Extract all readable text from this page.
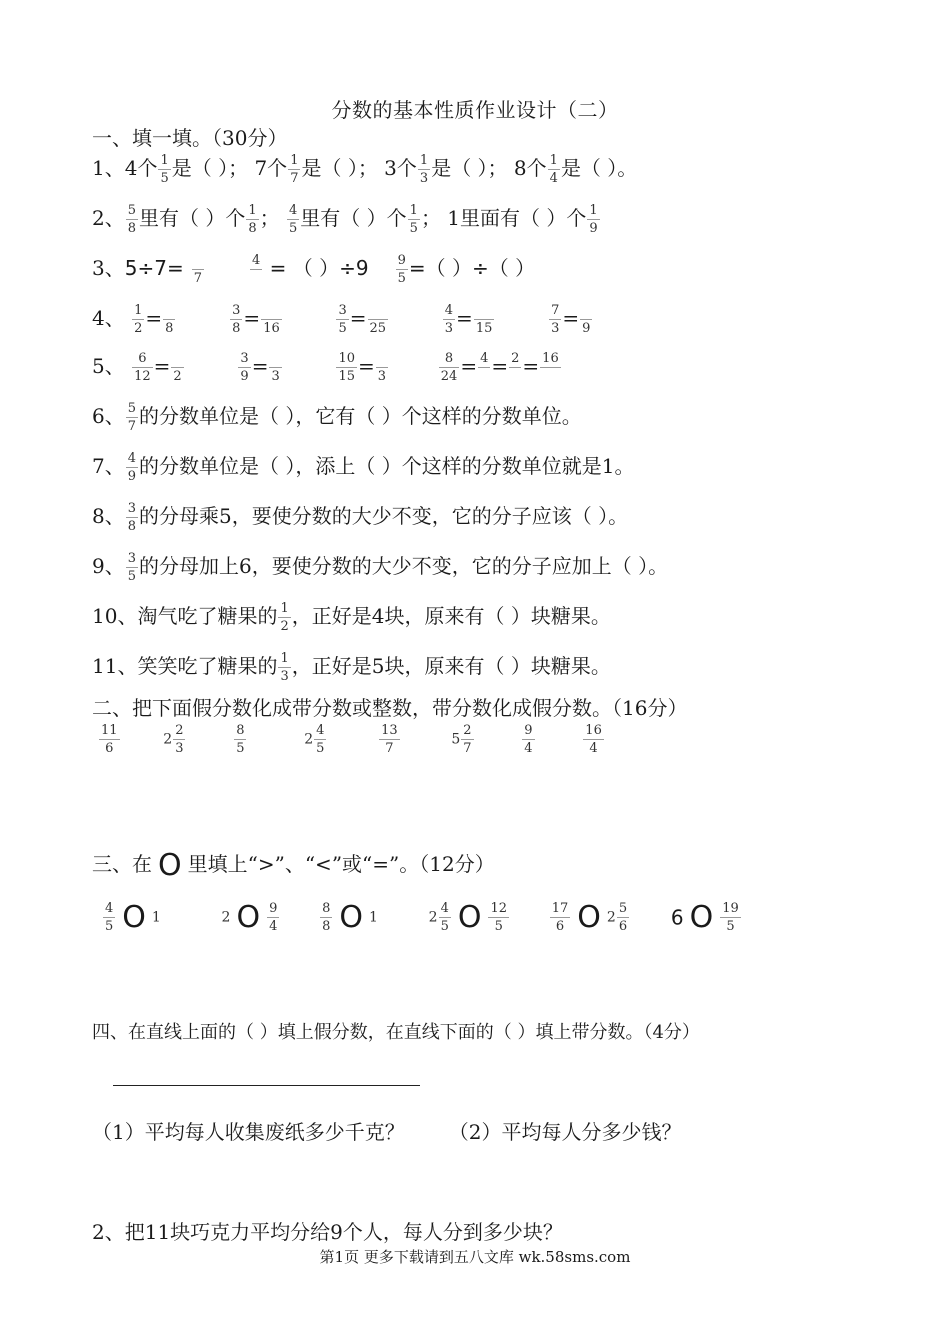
分数的基本性质作业设计（二）
一、填一填。（30分）
1、4个 $\frac{1}{5}$ 是（ ）； 7个 $\frac{1}{7}$ 是（ ）； 3个 $\frac{1}{3}$ 是（ ）； 8个 $\frac{1}{4}$ 是（ ）。
2、 $\frac{5}{8}$ 里有（ ）个 $\frac{1}{8}$ ； $\frac{4}{5}$ 里有（ ）个 $\frac{1}{5}$ ； 1里面有（ ）个 $\frac{1}{9}$
3、5÷7= 7
4 = （ ）$\div 9 \frac{9}{5}$ =（ ）÷（ ）
4、 $\frac{1}{2} = 8$
	$\frac{3}{8} = 16$
	$\frac{3}{5} = 25$
	$\frac{4}{3} = 15$
	$\frac{7}{3} = 9$
5、 $\frac{6}{12} = 2$
	$\frac{3}{9} = 3$
	$\frac{10}{15} = 3$
	$\frac{8}{24} = 4 = 2 = 16$
6、 $\frac{5}{7}$ 的分数单位是（ ），它有（ ）个这样的分数单位。
7、 $\frac{4}{9}$ 的分数单位是（ ），添上（ ）个这样的分数单位就是1。
8、 $\frac{3}{8}$ 的分母乘5，要使分数的大少不变，它的分子应该（ ）。
9、 $\frac{3}{5}$ 的分母加上6，要使分数的大少不变，它的分子应加上（ ）。
10、淘气吃了糖果的 $\frac{1}{2}$ ，正好是4块，原来有（ ）块糖果。
11、笑笑吃了糖果的 $\frac{1}{3}$ ，正好是5块，原来有（ ）块糖果。
二、把下面假分数化成带分数或整数，带分数化成假分数。（16分）
$\frac{11}{6}$	$2 \frac{2}{3}$
	$\frac{8}{5}$	$2 \frac{4}{5}$
	$\frac{13}{7}$	$5 \frac{2}{7}$
	$\frac{9}{4}$
	$\frac{16}{4}$
三、在 O 里填上“>”、“<”或“=”。（12分）
$\frac{4}{5}$ O 1	2 O $\frac{9}{4}$
	$\frac{8}{8}$ O 1	$2 \frac{4}{5}$ O $\frac{12}{5}$
	$\frac{17}{6}$ O $2 \frac{5}{6} 6$ O $\frac{19}{5}$
四、在直线上面的（ ）填上假分数，在直线下面的（ ）填上带分数。（4分）
（1）平均每人收集废纸多少千克？ （2）平均每人分多少钱？
2、把11块巧克力平均分给9个人，每人分到多少块？
第1页 更多下载请到五八文库 wk.58sms.com
